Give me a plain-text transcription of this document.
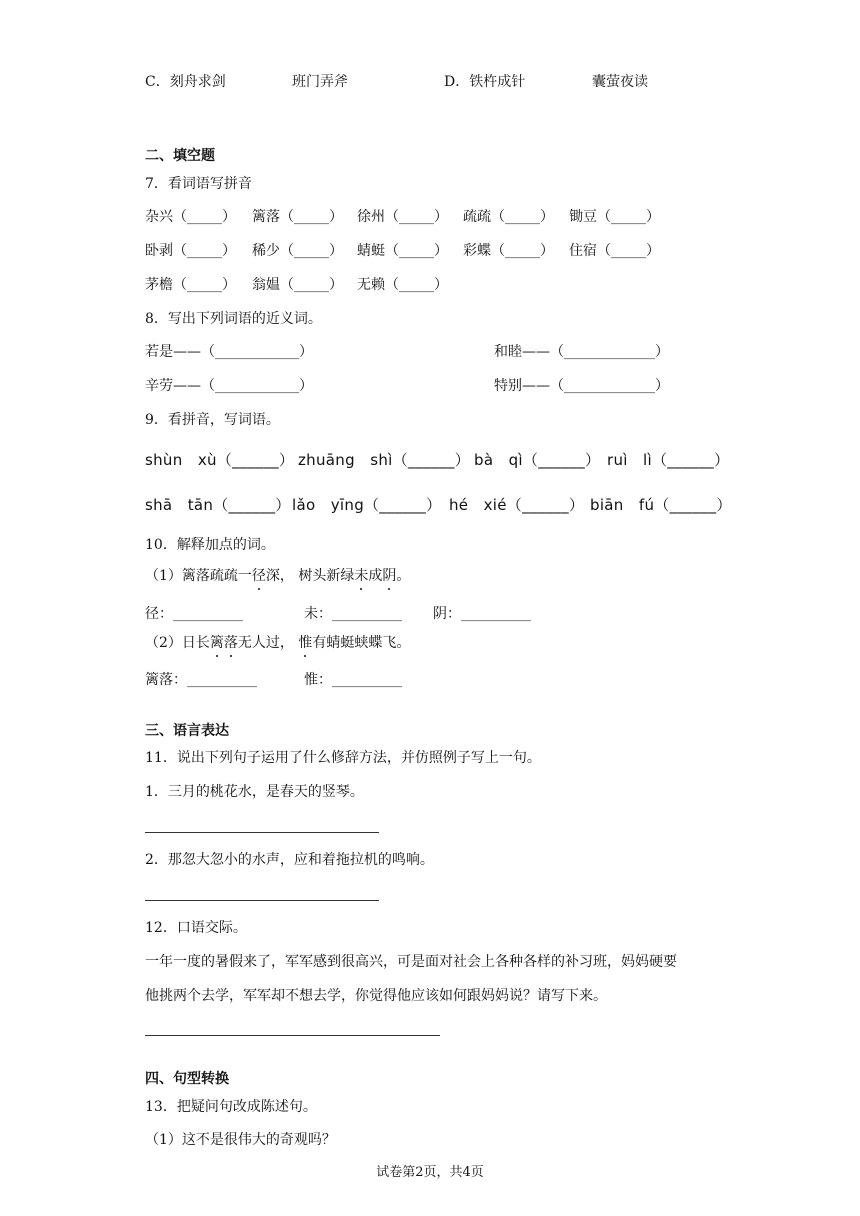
C．刻舟求剑	班门弄斧	D．铁杵成针	囊萤夜读
二、填空题
7．看词语写拼音
杂兴（_____） 篱落（_____） 徐州（_____） 疏疏（_____） 锄豆（_____）
卧剥（_____） 稀少（_____） 蜻蜓（_____） 彩蝶（_____） 住宿（_____）
茅檐（_____） 翁媪（_____） 无赖（_____）
8．写出下列词语的近义词。
若是——（____________）	和睦——（_____________）
辛劳——（____________）	特别——（_____________）
9．看拼音，写词语。
shùn　xù（______） zhuāng　shì（______） bà　qì（______） ruì　lì（______）
shā　tān（______） lǎo　yīng（______） hé　xié（______） biān　fú（______）
10．解释加点的词。
（1）篱落疏疏一径深， 树头新绿未成阴。
径：__________	未：__________ 阴：__________
（2）日长篱落无人过， 惟有蜻蜓蛱蝶飞。
篱落：__________	惟：__________
三、语言表达
11．说出下列句子运用了什么修辞方法，并仿照例子写上一句。
1．三月的桃花水，是春天的竖琴。
2．那忽大忽小的水声，应和着拖拉机的鸣响。
12．口语交际。
一年一度的暑假来了，军军感到很高兴，可是面对社会上各种各样的补习班，妈妈硬要
他挑两个去学，军军却不想去学，你觉得他应该如何跟妈妈说？请写下来。
四、句型转换
13．把疑问句改成陈述句。
（1）这不是很伟大的奇观吗？
试卷第2页，共4页
